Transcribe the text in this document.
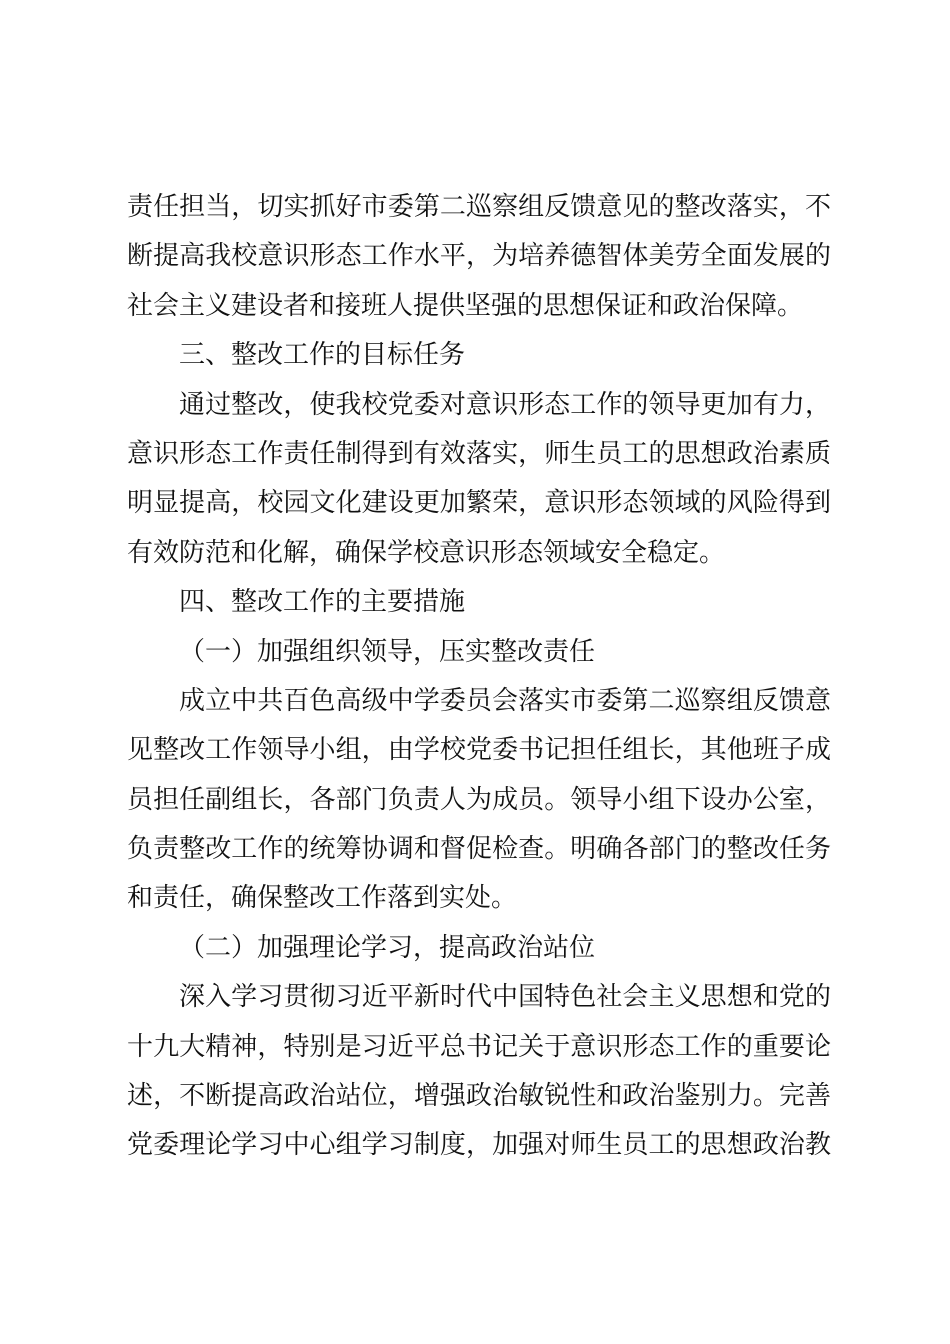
责任担当，切实抓好市委第二巡察组反馈意见的整改落实，不
断提高我校意识形态工作水平，为培养德智体美劳全面发展的
社会主义建设者和接班人提供坚强的思想保证和政治保障。
三、整改工作的目标任务
通过整改，使我校党委对意识形态工作的领导更加有力，
意识形态工作责任制得到有效落实，师生员工的思想政治素质
明显提高，校园文化建设更加繁荣，意识形态领域的风险得到
有效防范和化解，确保学校意识形态领域安全稳定。
四、整改工作的主要措施
（一）加强组织领导，压实整改责任
成立中共百色高级中学委员会落实市委第二巡察组反馈意
见整改工作领导小组，由学校党委书记担任组长，其他班子成
员担任副组长，各部门负责人为成员。领导小组下设办公室，
负责整改工作的统筹协调和督促检查。明确各部门的整改任务
和责任，确保整改工作落到实处。
（二）加强理论学习，提高政治站位
深入学习贯彻习近平新时代中国特色社会主义思想和党的
十九大精神，特别是习近平总书记关于意识形态工作的重要论
述，不断提高政治站位，增强政治敏锐性和政治鉴别力。完善
党委理论学习中心组学习制度，加强对师生员工的思想政治教
